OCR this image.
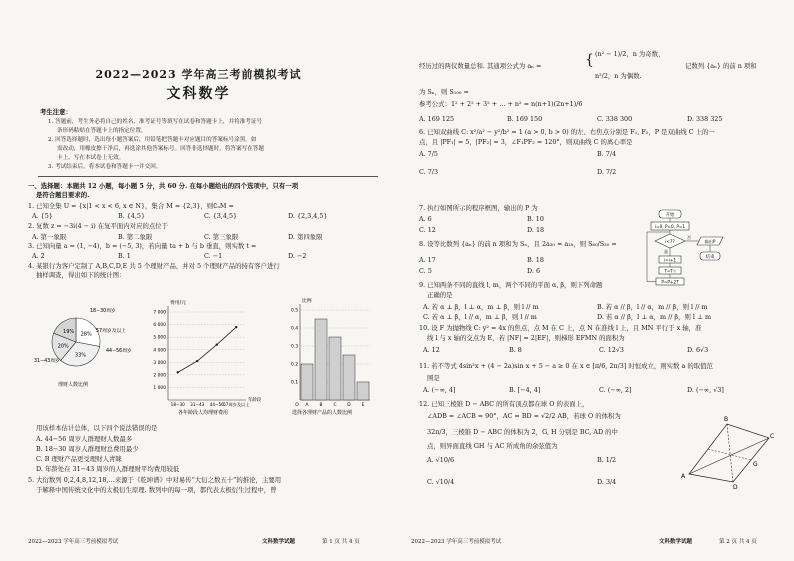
2022—2023 学年高三考前模拟考试
文科数学
考生注意：
1. 答题前，考生务必将自己的姓名、准考证号等填写在试卷和答题卡上，并将准考证号
条形码粘贴在答题卡上的指定位置。
2. 回答选择题时，选出每小题答案后，用铅笔把答题卡对应题目的答案标号涂黑。如
需改动，用橡皮擦干净后，再选涂其他答案标号。回答非选择题时，将答案写在答题
卡上。写在本试卷上无效。
3. 考试结束后，将本试卷和答题卡一并交回。
一、选择题：本题共 12 小题，每小题 5 分，共 60 分. 在每小题给出的四个选项中，只有一项
是符合题目要求的.
1. 已知全集 U = {x|1 < x < 6, x ∈ N}，集合 M = {2,3}，则∁ᵤM =
A. {5}	B. {4,5}	C. {3,4,5}	D. {2,3,4,5}
2. 复数 z = −3i(4 − i) 在复平面内对应的点位于
A. 第一象限	B. 第二象限	C. 第三象限	D. 第四象限
3. 已知向量 a = (1, −4)，b = (−5, 3)，若向量 ta + b 与 b 垂直，则实数 t =
A. 2	B. 1	C. −1	D. −2
4. 某银行为客户定制了 A,B,C,D,E 共 5 个理财产品，并对 5 个理财产品的持有客户进行
抽样调查，得出如下的统计图：
28%
33%
20%
19%
18−30周岁
31−43周岁
44−56周岁
57周岁及以上
理财人数比例
费用/元
7 000
6 000
5 000
4 000
3 000
2 000
1 000
18−30 31−43 44−56 57周岁及以上
年龄段
各年龄段人均理财费用
比例
0.5
0.4
0.3
0.2
0.1
O A B C D E
选择各理财产品的人数比例
用该样本估计总体，以下四个说法错误的是
A. 44−56 周岁人群理财人数最多
B. 18−30 周岁人群理财总费用最少
C. B 理财产品更受理财人青睐
D. 年龄处在 31−43 周岁的人群理财平均费用较低
5. 大衍数列 0,2,4,8,12,18,…来源于《乾坤谱》中对易传“大衍之数五十”的推论，主要用
于解释中国传统文化中的太极衍生原理. 数列中的每一项，都代表太极衍生过程中，曾
2022—2023 学年高三考前模拟考试	文科数学试题	第 1 页 共 4 页
经历过的两仪数量总和. 其通项公式为 aₙ =	{ (n² − 1)/2，n 为奇数，
n²/2，n 为偶数.
记数列 {aₙ} 的前 n 项和
为 Sₙ，则 S₁₀₀ =
参考公式：1² + 2² + 3² + … + n² = n(n+1)(2n+1)/6
A. 169 125	B. 169 150	C. 338 300	D. 338 325
6. 已知双曲线 C: x²/a² − y²/b² = 1 (a > 0, b > 0) 的左、右焦点分别是 F₁, F₂，P 是双曲线 C 上的一
点，且 |PF₁| = 5，|PF₂| = 3，∠F₁PF₂ = 120°，则双曲线 C 的离心率是
A. 7/5	B. 7/4
C. 7/3	D. 7/2
7. 执行如图所示的程序框图，输出的 P 为
A. 6	B. 10
C. 12	D. 18
8. 设等比数列 {aₙ} 的前 n 项和为 Sₙ，且 2a₂₀ = a₁₈，则 S₆₀/S₂₀ =
A. 17	B. 18
C. 5	D. 6
9. 已知两条不同的直线 l, m，两个不同的平面 α, β，则下列命题
正确的是
A. 若 α ⊥ β，l ⊥ α，m ⊥ β，则 l // m	B. 若 α // β，l // α，m // β，则 l // m
C. 若 α ⊥ β，l // α，m ⊥ β，则 l // m	D. 若 α // β，l ⊥ α，m // β，则 l ⊥ m
10. 设 F 为抛物线 C: y² = 4x 的焦点，点 M 在 C 上，点 N 在准线 l 上，且 MN 平行于 x 轴，准
线 l 与 x 轴的交点为 E，若 |NF| = 2|EF|，则梯形 EFMN 的面积为
A. 12	B. 8	C. 12√3	D. 6√3
11. 若不等式 4sin²x + (4 − 2a)sin x + 5 − a ≥ 0 在 x ∈ [π/6, 2π/3] 时恒成立，则实数 a 的取值范
围是
A. (−∞, 4]	B. [−4, 4]	C. (−∞, 2]	D. (−∞, √3]
12. 已知三棱锥 D − ABC 的所有顶点都在球 O 的表面上，
∠ADB = ∠ACB = 90°，AC = BD = √2/2 AB，若球 O 的体积为
32π/3，三棱锥 D − ABC 的体积为 2，G, H 分别是 BC, AD 的中
点，则异面直线 GH 与 AC 所成角的余弦值为
A. √10/6	B. 1/2
C. √10/4	D. 3/4
开始
i=0, P=0, P=1
i<7?
是
否
i=i+1
T=T·i
P=P+2T
输出P
结束
A
B
C
D
G
2022—2023 学年高三考前模拟考试	文科数学试题	第 2 页 共 4 页
